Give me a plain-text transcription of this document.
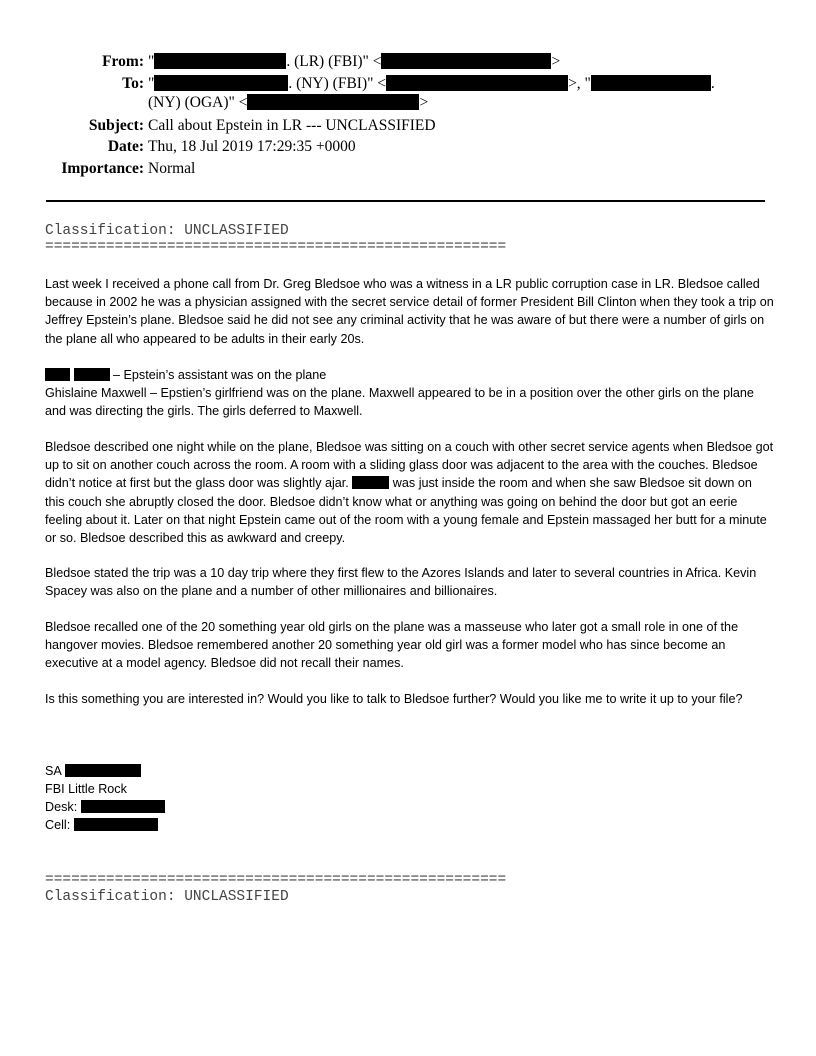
From: "	. (LR) (FBI)" <	>
To: "	. (NY) (FBI)" <	>, "	.
(NY) (OGA)" <	>
Subject: Call about Epstein in LR --- UNCLASSIFIED
Date: Thu, 18 Jul 2019 17:29:35 +0000
Importance: Normal
Classification: UNCLASSIFIED
=====================================================

Last week I received a phone call from Dr. Greg Bledsoe who was a witness in a LR public corruption case in LR. Bledsoe called because in 2002 he was a physician assigned with the secret service detail of former President Bill Clinton when they took a trip on Jeffrey Epstein’s plane. Bledsoe said he did not see any criminal activity that he was aware of but there were a number of girls on the plane all who appeared to be adults in their early 20s.

– Epstein’s assistant was on the plane

Ghislaine Maxwell – Epstien’s girlfriend was on the plane. Maxwell appeared to be in a position over the other girls on the plane and was directing the girls. The girls deferred to Maxwell.

Bledsoe described one night while on the plane, Bledsoe was sitting on a couch with other secret service agents when Bledsoe got up to sit on another couch across the room. A room with a sliding glass door was adjacent to the area with the couches. Bledsoe didn’t notice at first but the glass door was slightly ajar.	was just inside the room and when she saw Bledsoe sit down on this couch she abruptly closed the door. Bledsoe didn’t know what or anything was going on behind the door but got an eerie feeling about it. Later on that night Epstein came out of the room with a young female and Epstein massaged her butt for a minute or so. Bledsoe described this as awkward and creepy.

Bledsoe stated the trip was a 10 day trip where they first flew to the Azores Islands and later to several countries in Africa. Kevin Spacey was also on the plane and a number of other millionaires and billionaires.

Bledsoe recalled one of the 20 something year old girls on the plane was a masseuse who later got a small role in one of the hangover movies. Bledsoe remembered another 20 something year old girl was a former model who has since become an executive at a model agency. Bledsoe did not recall their names.

Is this something you are interested in? Would you like to talk to Bledsoe further? Would you like me to write it up to your file?

SA
FBI Little Rock
Desk:
Cell:
=====================================================
Classification: UNCLASSIFIED
